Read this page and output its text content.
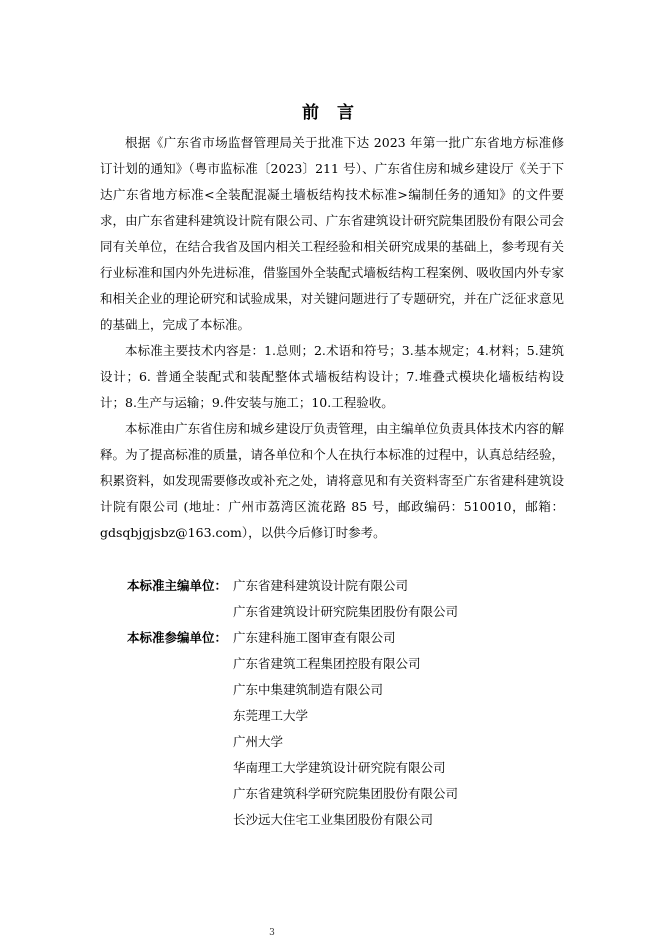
前 言

根据《广东省市场监督管理局关于批准下达 2023 年第一批广东省地方标准修订计划的通知》（粤市监标准〔2023〕211 号）、广东省住房和城乡建设厅《关于下达广东省地方标准<全装配混凝土墙板结构技术标准>编制任务的通知》的文件要求，由广东省建科建筑设计院有限公司、广东省建筑设计研究院集团股份有限公司会同有关单位，在结合我省及国内相关工程经验和相关研究成果的基础上，参考现有关行业标准和国内外先进标准，借鉴国外全装配式墙板结构工程案例、吸收国内外专家和相关企业的理论研究和试验成果，对关键问题进行了专题研究，并在广泛征求意见的基础上，完成了本标准。

本标准主要技术内容是：1.总则；2.术语和符号；3.基本规定；4.材料；5.建筑设计；6. 普通全装配式和装配整体式墙板结构设计；7.堆叠式模块化墙板结构设计；8.生产与运输；9.件安装与施工；10.工程验收。

本标准由广东省住房和城乡建设厅负责管理，由主编单位负责具体技术内容的解释。为了提高标准的质量，请各单位和个人在执行本标准的过程中，认真总结经验，积累资料，如发现需要修改或补充之处，请将意见和有关资料寄至广东省建科建筑设计院有限公司 (地址：广州市荔湾区流花路 85 号，邮政编码：510010，邮箱：gdsqbjgjsbz@163.com），以供今后修订时参考。

本标准主编单位： 广东省建科建筑设计院有限公司
广东省建筑设计研究院集团股份有限公司
本标准参编单位： 广东建科施工图审查有限公司
广东省建筑工程集团控股有限公司
广东中集建筑制造有限公司
东莞理工大学
广州大学
华南理工大学建筑设计研究院有限公司
广东省建筑科学研究院集团股份有限公司
长沙远大住宅工业集团股份有限公司
3
